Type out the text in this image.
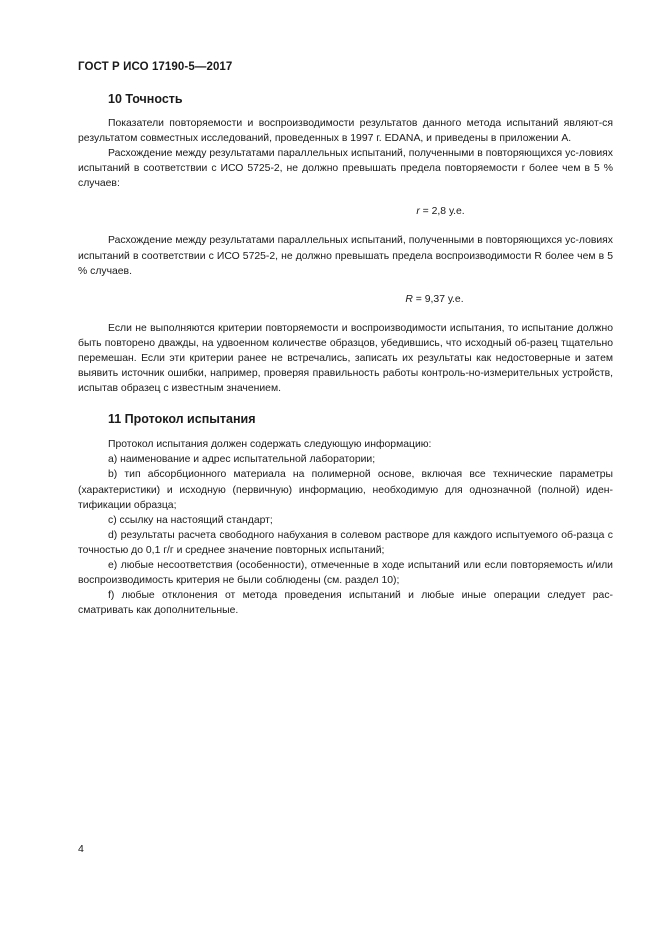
ГОСТ Р ИСО 17190-5—2017
10 Точность

Показатели повторяемости и воспроизводимости результатов данного метода испытаний являют-ся результатом совместных исследований, проведенных в 1997 г. EDANA, и приведены в приложении А.

Расхождение между результатами параллельных испытаний, полученными в повторяющихся ус-ловиях испытаний в соответствии с ИСО 5725-2, не должно превышать предела повторяемости r более чем в 5 % случаев:

r = 2,8 у.е.

Расхождение между результатами параллельных испытаний, полученными в повторяющихся ус-ловиях испытаний в соответствии с ИСО 5725-2, не должно превышать предела воспроизводимости R более чем в 5 % случаев.

R = 9,37 у.е.

Если не выполняются критерии повторяемости и воспроизводимости испытания, то испытание должно быть повторено дважды, на удвоенном количестве образцов, убедившись, что исходный об-разец тщательно перемешан. Если эти критерии ранее не встречались, записать их результаты как недостоверные и затем выявить источник ошибки, например, проверяя правильность работы контроль-но-измерительных устройств, испытав образец с известным значением.

11 Протокол испытания

Протокол испытания должен содержать следующую информацию:

а) наименование и адрес испытательной лаборатории;

b) тип абсорбционного материала на полимерной основе, включая все технические параметры (характеристики) и исходную (первичную) информацию, необходимую для однозначной (полной) иден-тификации образца;

c) ссылку на настоящий стандарт;

d) результаты расчета свободного набухания в солевом растворе для каждого испытуемого об-разца с точностью до 0,1 г/г и среднее значение повторных испытаний;

e) любые несоответствия (особенности), отмеченные в ходе испытаний или если повторяемость и/или воспроизводимость критерия не были соблюдены (см. раздел 10);

f) любые отклонения от метода проведения испытаний и любые иные операции следует рас-сматривать как дополнительные.

4
